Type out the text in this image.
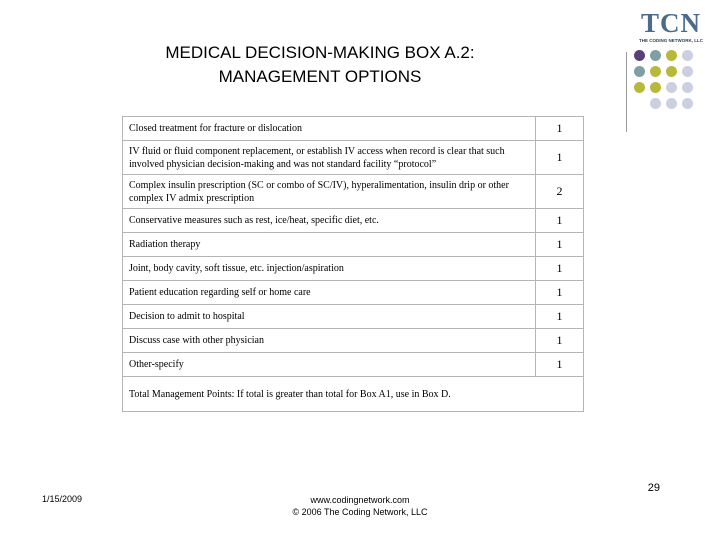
MEDICAL DECISION-MAKING BOX A.2:
MANAGEMENT OPTIONS
TCN
THE CODING NETWORK, LLC
Closed treatment for fracture or dislocation	1
IV fluid or fluid component replacement, or establish IV access when record is clear that such involved physician decision-making and was not standard facility “protocol”	1
Complex insulin prescription (SC or combo of SC/IV), hyperalimentation, insulin drip or other complex IV admix prescription	2
Conservative measures such as rest, ice/heat, specific diet, etc.	1
Radiation therapy	1
Joint, body cavity, soft tissue, etc. injection/aspiration	1
Patient education regarding self or home care	1
Decision to admit to hospital	1
Discuss case with other physician	1
Other-specify	1
Total Management Points: If total is greater than total for Box A1, use in Box D.	
1/15/2009	www.codingnetwork.com
© 2006 The Coding Network, LLC
29
